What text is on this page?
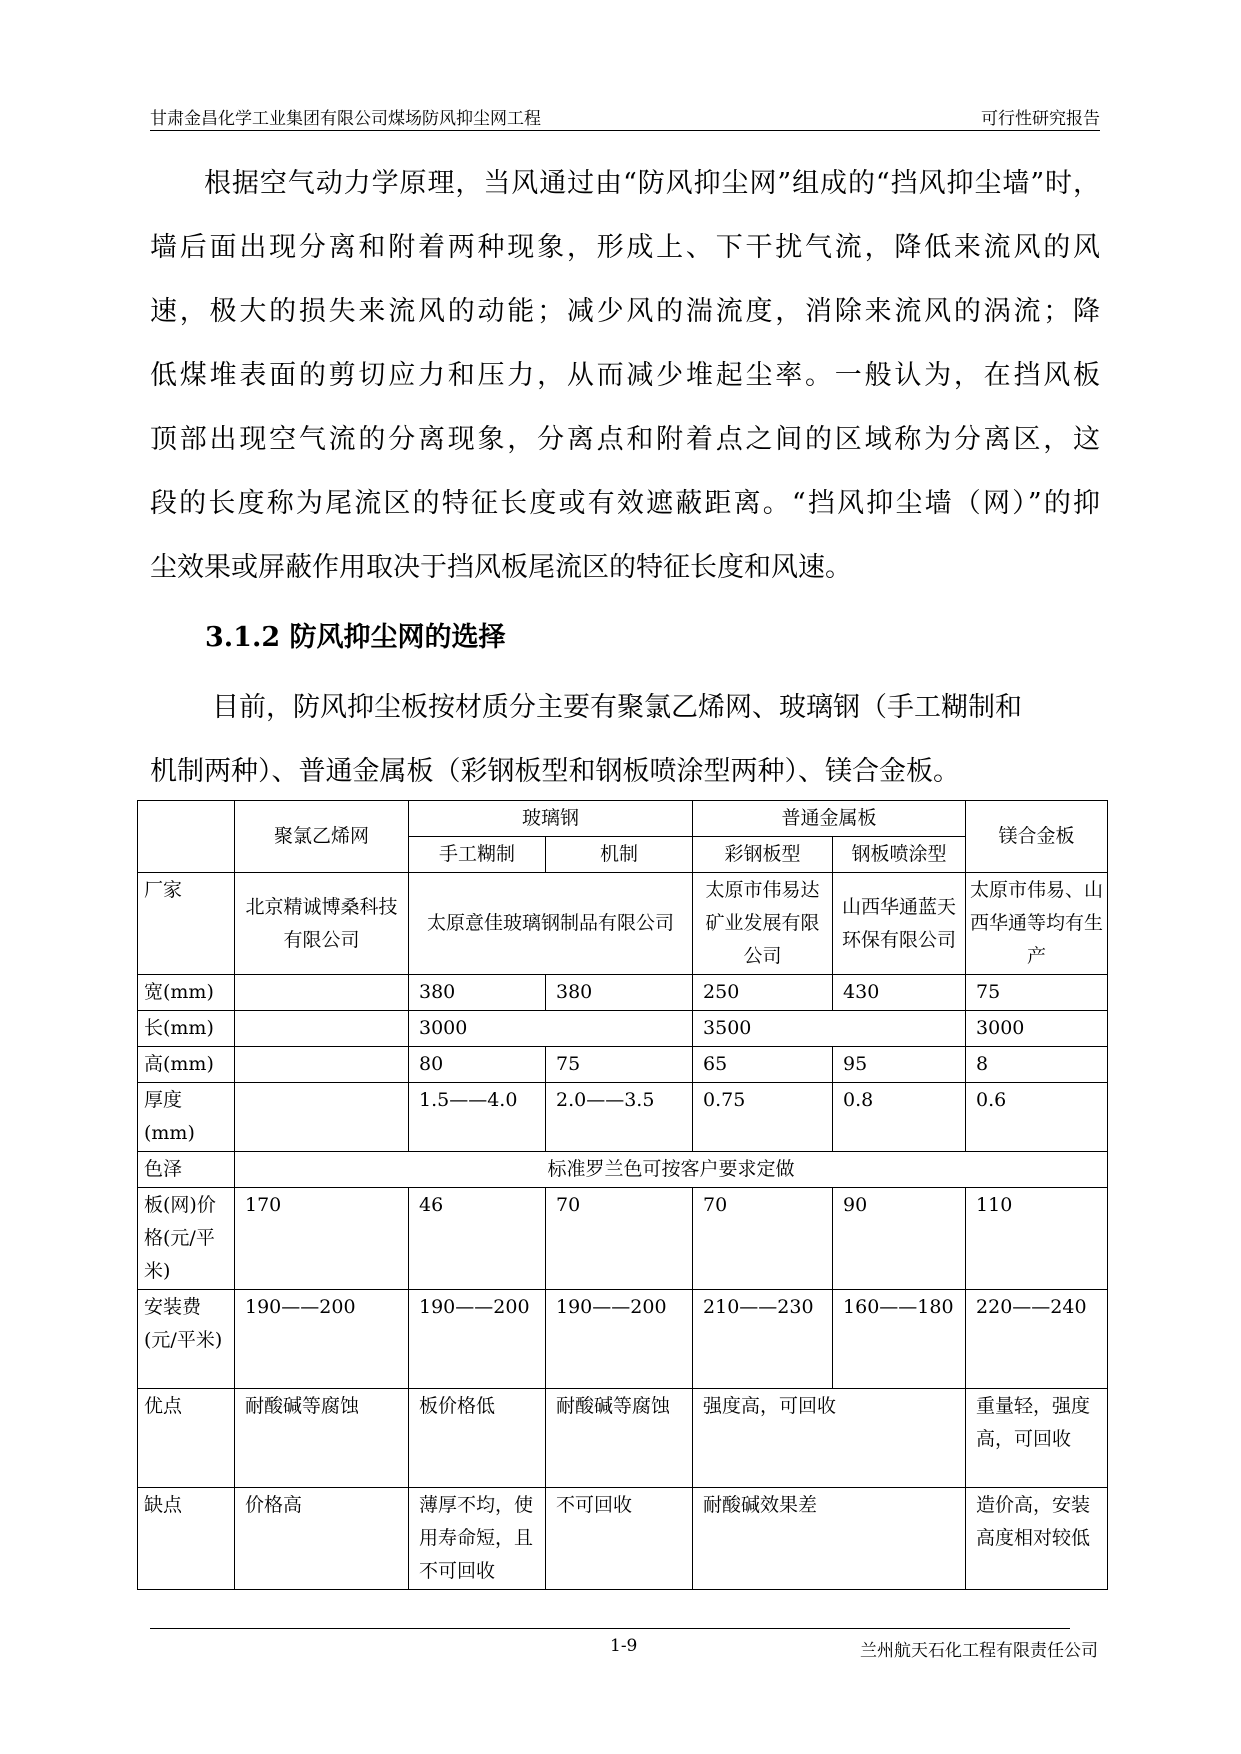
甘肃金昌化学工业集团有限公司煤场防风抑尘网工程	可行性研究报告
根据空气动力学原理，当风通过由“防风抑尘网”组成的“挡风抑尘墙”时，
墙后面出现分离和附着两种现象，形成上、下干扰气流，降低来流风的风
速，极大的损失来流风的动能；减少风的湍流度，消除来流风的涡流；降
低煤堆表面的剪切应力和压力，从而减少堆起尘率。一般认为，在挡风板
顶部出现空气流的分离现象，分离点和附着点之间的区域称为分离区，这
段的长度称为尾流区的特征长度或有效遮蔽距离。“挡风抑尘墙（网）”的抑
尘效果或屏蔽作用取决于挡风板尾流区的特征长度和风速。
3.1.2 防风抑尘网的选择
目前，防风抑尘板按材质分主要有聚氯乙烯网、玻璃钢（手工糊制和
机制两种）、普通金属板（彩钢板型和钢板喷涂型两种）、镁合金板。
	聚氯乙烯网	玻璃钢		普通金属板		镁合金板
		手工糊制	机制	彩钢板型	钢板喷涂型	
厂家	北京精诚博桑科技有限公司	太原意佳玻璃钢制品有限公司		太原市伟易达矿业发展有限公司	山西华通蓝天环保有限公司	太原市伟易、山西华通等均有生产
宽(mm)		380	380	250	430	75
长(mm)		3000		3500		3000
高(mm)		80	75	65	95	8
厚度(mm)		1.5——4.0	2.0——3.5	0.75	0.8	0.6
色泽	标准罗兰色可按客户要求定做					
板(网)价格(元/平米)	170	46	70	70	90	110
安装费(元/平米)	190——200	190——200	190——200	210——230	160——180	220——240
优点	耐酸碱等腐蚀	板价格低	耐酸碱等腐蚀	强度高，可回收		重量轻，强度高，可回收
缺点	价格高	薄厚不均，使用寿命短，且不可回收	不可回收	耐酸碱效果差		造价高，安装高度相对较低
1-9	兰州航天石化工程有限责任公司
